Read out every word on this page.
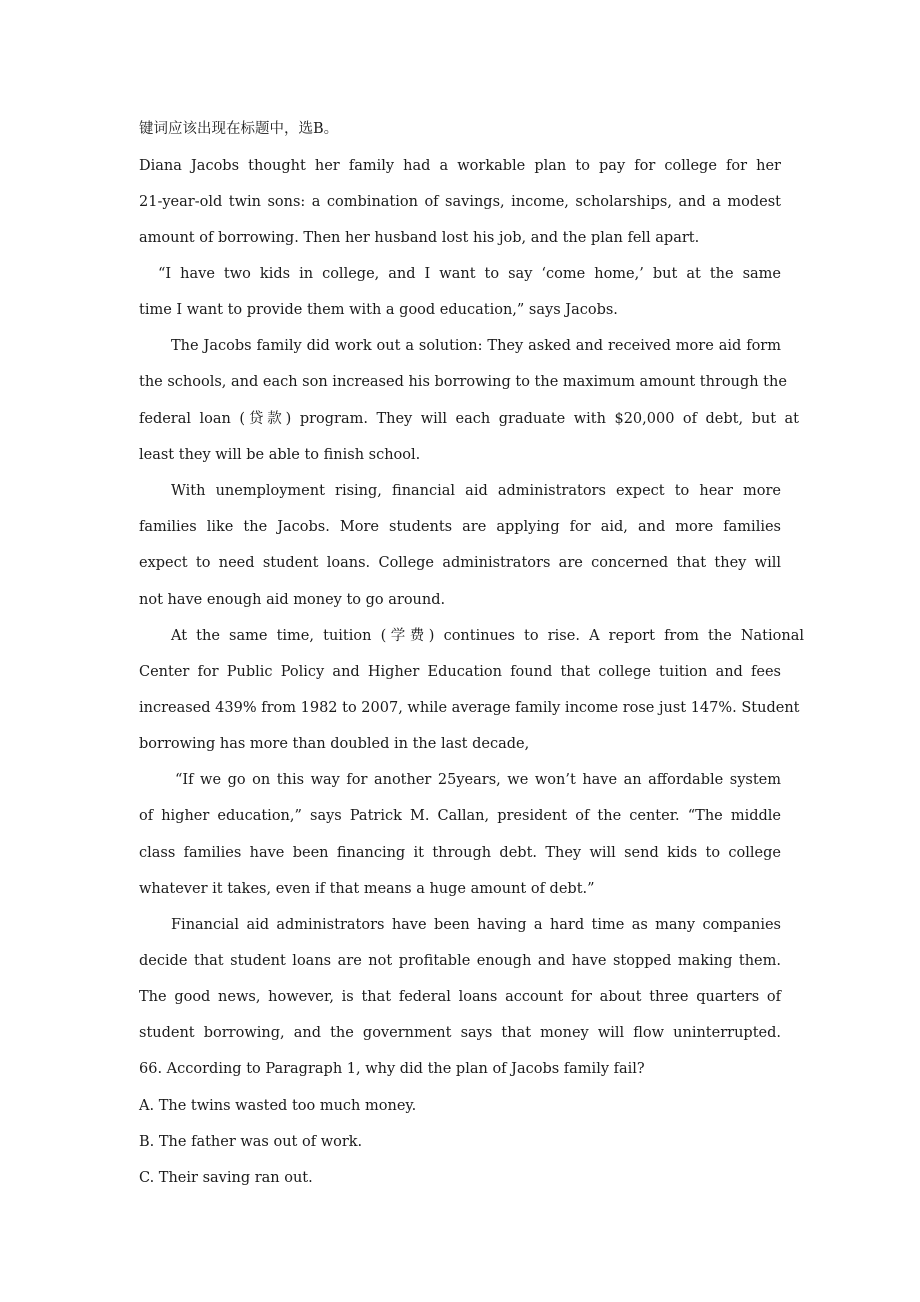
键词应该出现在标题中，选B。
Diana Jacobs thought her family had a workable plan to pay for college for her
21-year-old twin sons: a combination of savings, income, scholarships, and a modest
amount of borrowing. Then her husband lost his job, and the plan fell apart.
“I have two kids in college, and I want to say ‘come home,’ but at the same
time I want to provide them with a good education,” says Jacobs.
The Jacobs family did work out a solution: They asked and received more aid form
the schools, and each son increased his borrowing to the maximum amount through the
federal loan (贷款) program. They will each graduate with $20,000 of debt, but at
least they will be able to finish school.
With unemployment rising, financial aid administrators expect to hear more
families like the Jacobs. More students are applying for aid, and more families
expect to need student loans. College administrators are concerned that they will
not have enough aid money to go around.
At the same time, tuition (学费) continues to rise. A report from the National
Center for Public Policy and Higher Education found that college tuition and fees
increased 439% from 1982 to 2007, while average family income rose just 147%. Student
borrowing has more than doubled in the last decade,
“If we go on this way for another 25years, we won’t have an affordable system
of higher education,” says Patrick M. Callan, president of the center. “The middle
class families have been financing it through debt. They will send kids to college
whatever it takes, even if that means a huge amount of debt.”
Financial aid administrators have been having a hard time as many companies
decide that student loans are not profitable enough and have stopped making them.
The good news, however, is that federal loans account for about three quarters of
student borrowing, and the government says that money will flow uninterrupted.
66. According to Paragraph 1, why did the plan of Jacobs family fail?
A. The twins wasted too much money.
B. The father was out of work.
C. Their saving ran out.
